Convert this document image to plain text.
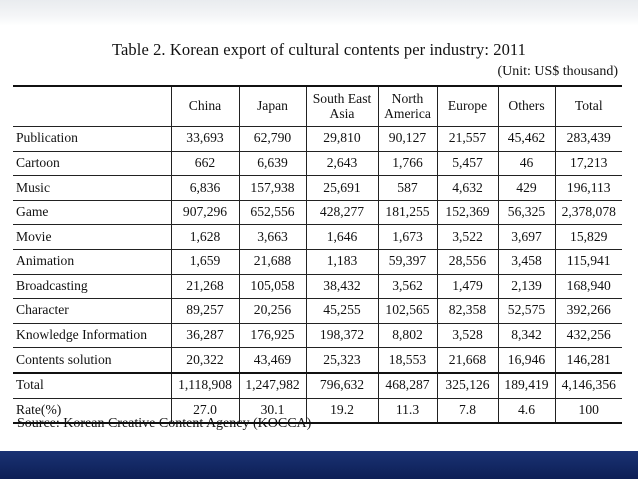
Table 2. Korean export of cultural contents per industry: 2011
(Unit: US$ thousand)
	China	Japan	South East Asia	North America	Europe	Others	Total
Publication	33,693	62,790	29,810	90,127	21,557	45,462	283,439
Cartoon	662	6,639	2,643	1,766	5,457	46	17,213
Music	6,836	157,938	25,691	587	4,632	429	196,113
Game	907,296	652,556	428,277	181,255	152,369	56,325	2,378,078
Movie	1,628	3,663	1,646	1,673	3,522	3,697	15,829
Animation	1,659	21,688	1,183	59,397	28,556	3,458	115,941
Broadcasting	21,268	105,058	38,432	3,562	1,479	2,139	168,940
Character	89,257	20,256	45,255	102,565	82,358	52,575	392,266
Knowledge Information	36,287	176,925	198,372	8,802	3,528	8,342	432,256
Contents solution	20,322	43,469	25,323	18,553	21,668	16,946	146,281
Total	1,118,908	1,247,982	796,632	468,287	325,126	189,419	4,146,356
Rate(%)	27.0	30.1	19.2	11.3	7.8	4.6	100
Source: Korean Creative Content Agency (KOCCA)
